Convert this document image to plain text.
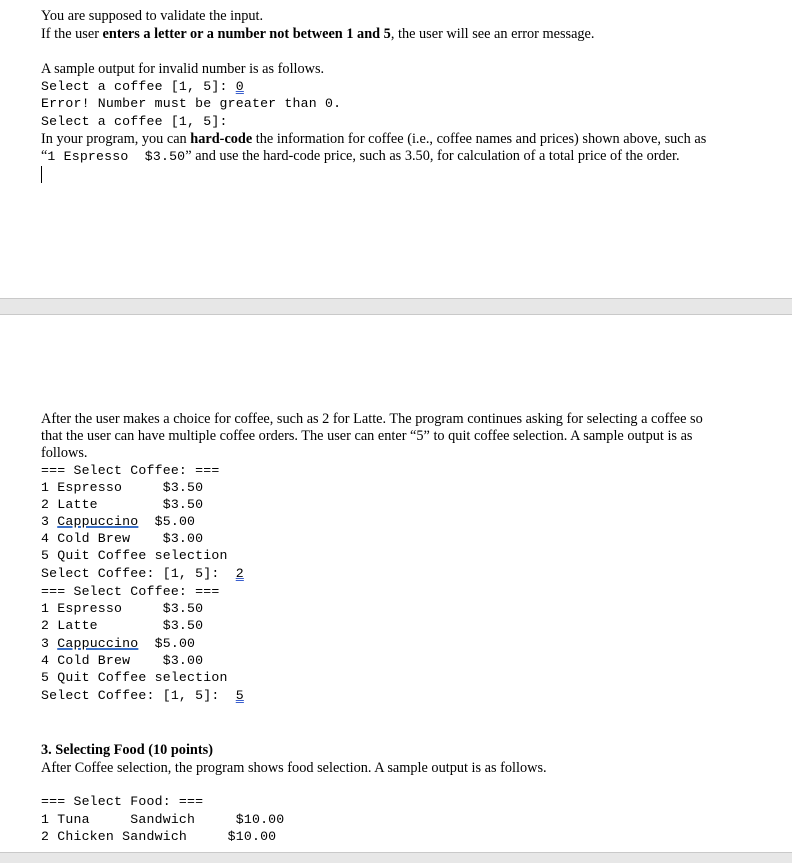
You are supposed to validate the input.
If the user enters a letter or a number not between 1 and 5, the user will see an error message.
A sample output for invalid number is as follows.
Select a coffee [1, 5]: 0
Error! Number must be greater than 0.
Select a coffee [1, 5]:
In your program, you can hard-code the information for coffee (i.e., coffee names and prices) shown above, such as
“1 Espresso  $3.50” and use the hard-code price, such as 3.50, for calculation of a total price of the order.
After the user makes a choice for coffee, such as 2 for Latte. The program continues asking for selecting a coffee so
that the user can have multiple coffee orders. The user can enter “5” to quit coffee selection. A sample output is as
follows.
=== Select Coffee: ===
1 Espresso     $3.50
2 Latte        $3.50
3 Cappuccino  $5.00
4 Cold Brew    $3.00
5 Quit Coffee selection
Select Coffee: [1, 5]:  2
=== Select Coffee: ===
1 Espresso     $3.50
2 Latte        $3.50
3 Cappuccino  $5.00
4 Cold Brew    $3.00
5 Quit Coffee selection
Select Coffee: [1, 5]:  5
3. Selecting Food (10 points)
After Coffee selection, the program shows food selection. A sample output is as follows.
=== Select Food: ===
1 Tuna     Sandwich     $10.00
2 Chicken Sandwich     $10.00
